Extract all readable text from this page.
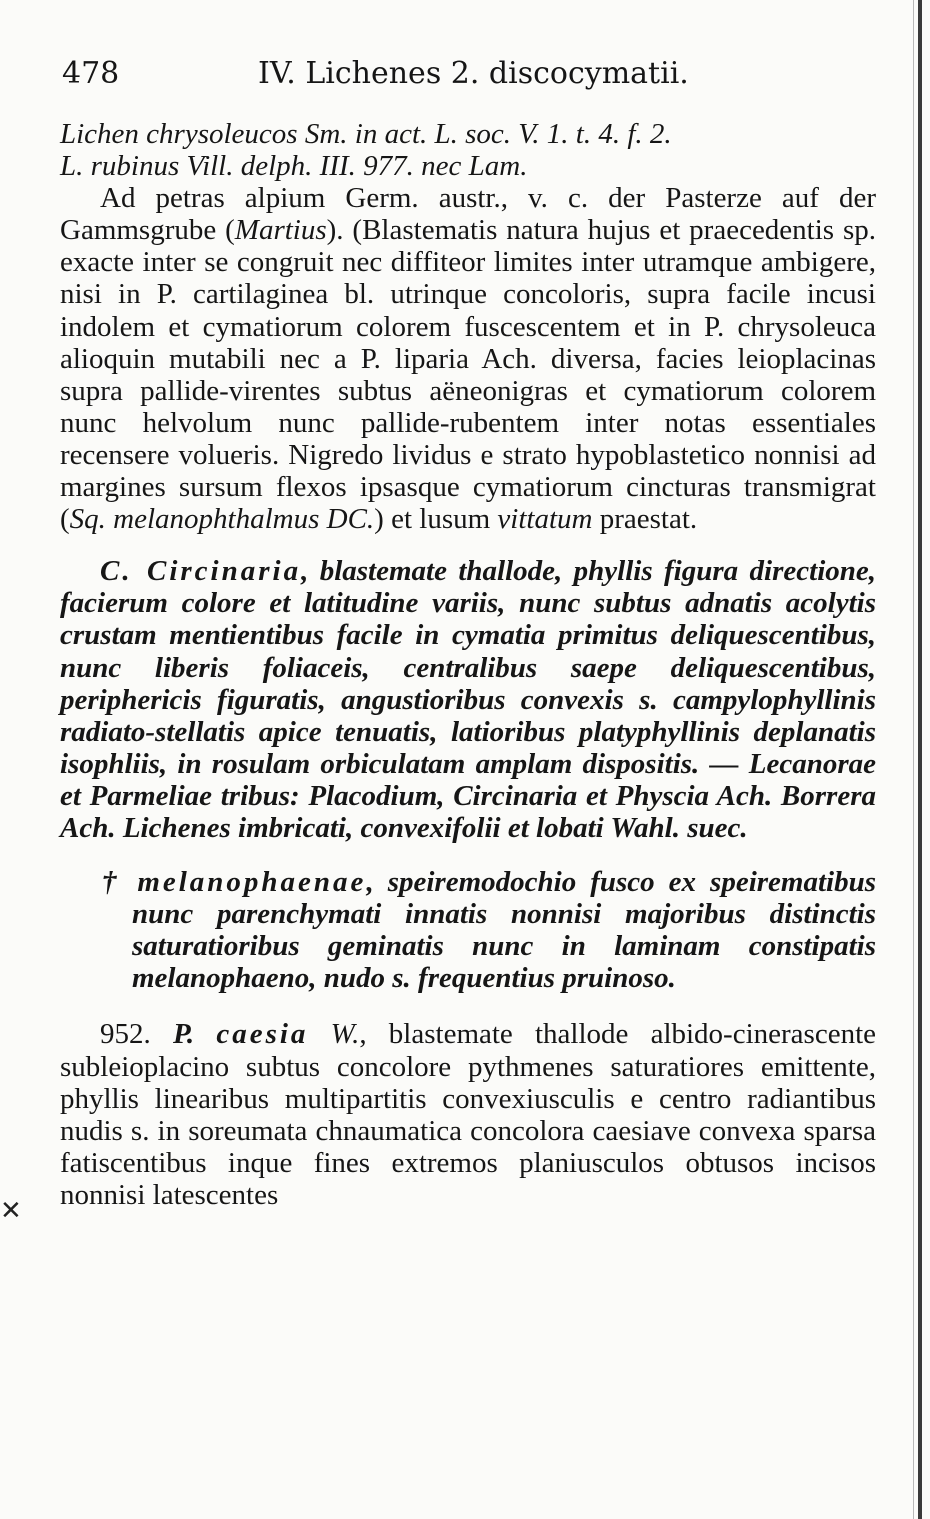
478	IV. Lichenes 2. discocymatii.

Lichen chrysoleucos Sm. in act. L. soc. V. 1. t. 4. f. 2.

L. rubinus Vill. delph. III. 977. nec Lam.

Ad petras alpium Germ. austr., v. c. der Pasterze auf der Gammsgrube (Martius). (Blastematis natura hujus et praecedentis sp. exacte inter se congruit nec diffiteor limites inter utramque ambigere, nisi in P. cartilaginea bl. utrinque concoloris, supra facile incusi indolem et cymatiorum colorem fuscescentem et in P. chrysoleuca alioquin mutabili nec a P. liparia Ach. diversa, facies leioplacinas supra pallide-virentes subtus aëneonigras et cymatiorum colorem nunc helvolum nunc pallide-rubentem inter notas essentiales recensere volueris. Nigredo lividus e strato hypoblastetico nonnisi ad margines sursum flexos ipsasque cymatiorum cincturas transmigrat (Sq. melanophthalmus DC.) et lusum vittatum praestat.

C. Circinaria, blastemate thallode, phyllis figura directione, facierum colore et latitudine variis, nunc subtus adnatis acolytis crustam mentientibus facile in cymatia primitus deliquescentibus, nunc liberis foliaceis, centralibus saepe deliquescentibus, periphericis figuratis, angustioribus convexis s. campylophyllinis radiato-stellatis apice tenuatis, latioribus platyphyllinis deplanatis isophliis, in rosulam orbiculatam amplam dispositis. — Lecanorae et Parmeliae tribus: Placodium, Circinaria et Physcia Ach. Borrera Ach. Lichenes imbricati, convexifolii et lobati Wahl. suec.

† melanophaenae, speiremodochio fusco ex speirematibus nunc parenchymati innatis nonnisi majoribus distinctis saturatioribus geminatis nunc in laminam constipatis melanophaeno, nudo s. frequentius pruinoso.

952. P. caesia W., blastemate thallode albido-cinerascente subleioplacino subtus concolore pythmenes saturatiores emittente, phyllis linearibus multipartitis convexiusculis e centro radiantibus nudis s. in soreumata chnaumatica concolora caesiave convexa sparsa fatiscentibus inque fines extremos planiusculos obtusos incisos nonnisi latescentes

✕
